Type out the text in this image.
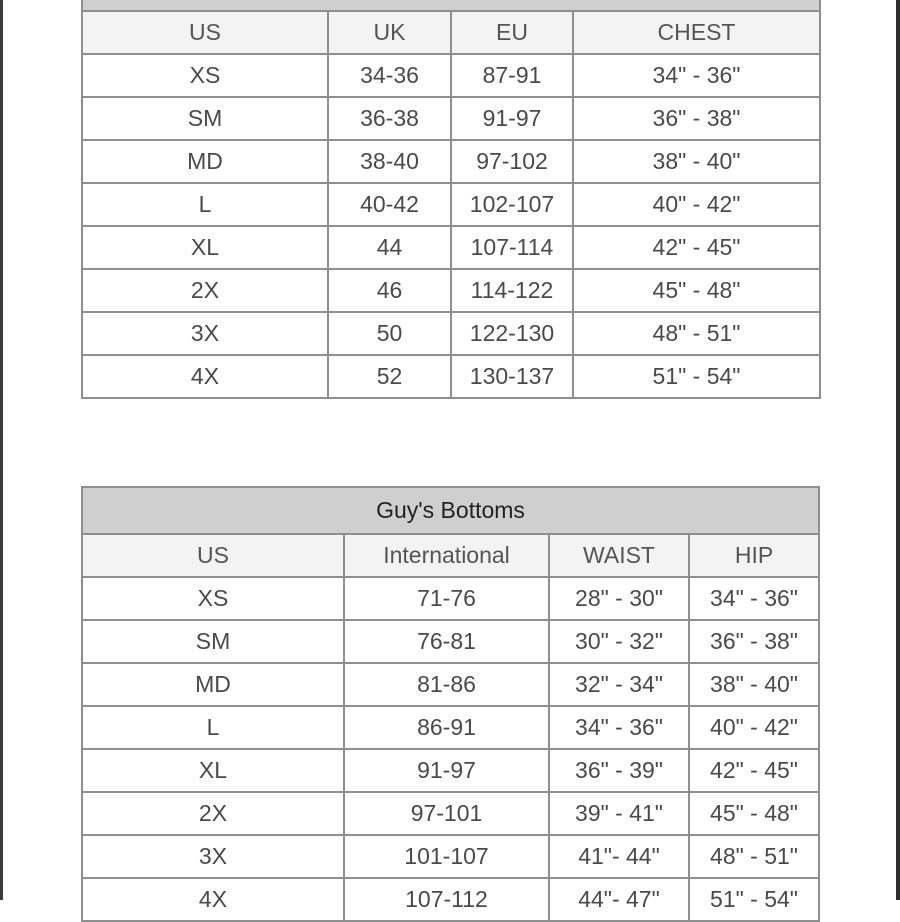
US	UK	EU	CHEST
XS	34-36	87-91	34" - 36"
SM	36-38	91-97	36" - 38"
MD	38-40	97-102	38" - 40"
L	40-42	102-107	40" - 42"
XL	44	107-114	42" - 45"
2X	46	114-122	45" - 48"
3X	50	122-130	48" - 51"
4X	52	130-137	51" - 54"
Guy's Bottoms			
US	International	WAIST	HIP
XS	71-76	28" - 30"	34" - 36"
SM	76-81	30" - 32"	36" - 38"
MD	81-86	32" - 34"	38" - 40"
L	86-91	34" - 36"	40" - 42"
XL	91-97	36" - 39"	42" - 45"
2X	97-101	39" - 41"	45" - 48"
3X	101-107	41"- 44"	48" - 51"
4X	107-112	44"- 47"	51" - 54"
